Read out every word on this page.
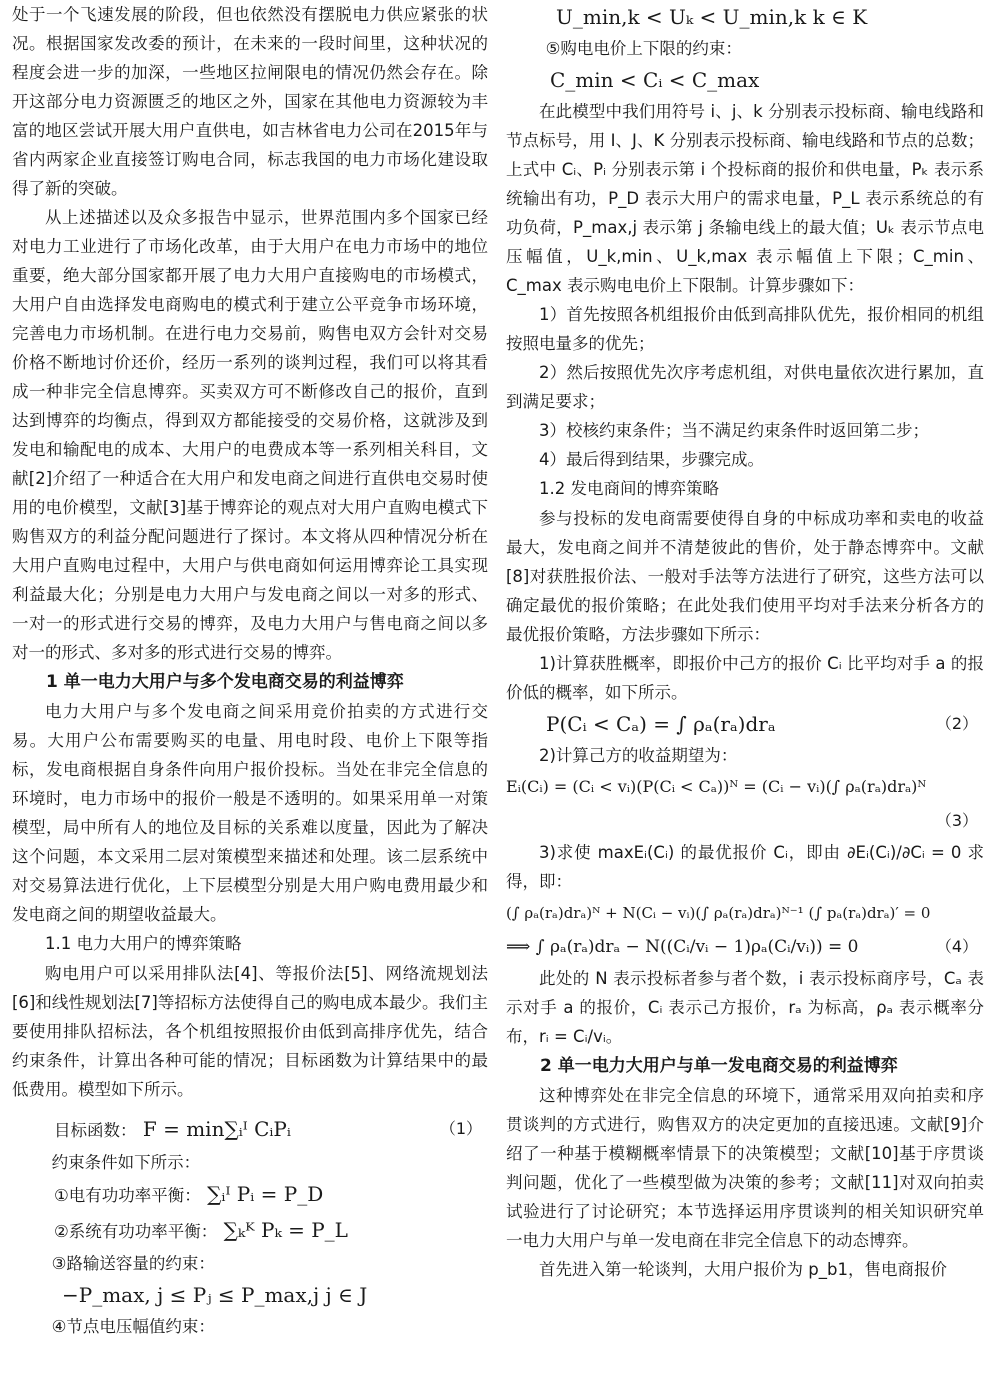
处于一个飞速发展的阶段，但也依然没有摆脱电力供应紧张的状况。根据国家发改委的预计，在未来的一段时间里，这种状况的程度会进一步的加深，一些地区拉闸限电的情况仍然会存在。除开这部分电力资源匮乏的地区之外，国家在其他电力资源较为丰富的地区尝试开展大用户直供电，如吉林省电力公司在2015年与省内两家企业直接签订购电合同，标志我国的电力市场化建设取得了新的突破。

从上述描述以及众多报告中显示，世界范围内多个国家已经对电力工业进行了市场化改革，由于大用户在电力市场中的地位重要，绝大部分国家都开展了电力大用户直接购电的市场模式，大用户自由选择发电商购电的模式利于建立公平竞争市场环境，完善电力市场机制。在进行电力交易前，购售电双方会针对交易价格不断地讨价还价，经历一系列的谈判过程，我们可以将其看成一种非完全信息博弈。买卖双方可不断修改自己的报价，直到达到博弈的均衡点，得到双方都能接受的交易价格，这就涉及到发电和输配电的成本、大用户的电费成本等一系列相关科目，文献[2]介绍了一种适合在大用户和发电商之间进行直供电交易时使用的电价模型，文献[3]基于博弈论的观点对大用户直购电模式下购售双方的利益分配问题进行了探讨。本文将从四种情况分析在大用户直购电过程中，大用户与供电商如何运用博弈论工具实现利益最大化；分别是电力大用户与发电商之间以一对多的形式、一对一的形式进行交易的博弈，及电力大用户与售电商之间以多对一的形式、多对多的形式进行交易的博弈。

1 单一电力大用户与多个发电商交易的利益博弈

电力大用户与多个发电商之间采用竞价拍卖的方式进行交易。大用户公布需要购买的电量、用电时段、电价上下限等指标，发电商根据自身条件向用户报价投标。当处在非完全信息的环境时，电力市场中的报价一般是不透明的。如果采用单一对策模型，局中所有人的地位及目标的关系难以度量，因此为了解决这个问题，本文采用二层对策模型来描述和处理。该二层系统中对交易算法进行优化，上下层模型分别是大用户购电费用最少和发电商之间的期望收益最大。

1.1 电力大用户的博弈策略

购电用户可以采用排队法[4]、等报价法[5]、网络流规划法[6]和线性规划法[7]等招标方法使得自己的购电成本最少。我们主要使用排队招标法，各个机组按照报价由低到高排序优先，结合约束条件，计算出各种可能的情况；目标函数为计算结果中的最低费用。模型如下所示。

目标函数： F = min∑ᵢᴵ CᵢPᵢ	（1）

约束条件如下所示：

①电有功功率平衡： ∑ᵢᴵ Pᵢ = P_D

②系统有功功率平衡： ∑ₖᴷ Pₖ = P_L

③路输送容量的约束：

−P_max, j ≤ Pⱼ ≤ P_max,j j ∈ J

④节点电压幅值约束：

U_min,k < Uₖ < U_min,k k ∈ K

⑤购电电价上下限的约束：

C_min < Cᵢ < C_max

在此模型中我们用符号 i、j、k 分别表示投标商、输电线路和节点标号，用 I、J、K 分别表示投标商、输电线路和节点的总数；上式中 Cᵢ、Pᵢ 分别表示第 i 个投标商的报价和供电量，Pₖ 表示系统输出有功，P_D 表示大用户的需求电量，P_L 表示系统总的有功负荷，P_max,j 表示第 j 条输电线上的最大值；Uₖ 表示节点电压幅值，U_k,min、U_k,max 表示幅值上下限；C_min、C_max 表示购电电价上下限制。计算步骤如下：

1）首先按照各机组报价由低到高排队优先，报价相同的机组按照电量多的优先；

2）然后按照优先次序考虑机组，对供电量依次进行累加，直到满足要求；

3）校核约束条件；当不满足约束条件时返回第二步；

4）最后得到结果，步骤完成。

1.2 发电商间的博弈策略

参与投标的发电商需要使得自身的中标成功率和卖电的收益最大，发电商之间并不清楚彼此的售价，处于静态博弈中。文献[8]对获胜报价法、一般对手法等方法进行了研究，这些方法可以确定最优的报价策略；在此处我们使用平均对手法来分析各方的最优报价策略，方法步骤如下所示：

1)计算获胜概率，即报价中己方的报价 Cᵢ 比平均对手 a 的报价低的概率，如下所示。

P(Cᵢ < Cₐ) = ∫ ρₐ(rₐ)drₐ	（2）

2)计算己方的收益期望为：

Eᵢ(Cᵢ) = (Cᵢ < vᵢ)(P(Cᵢ < Cₐ))ᴺ = (Cᵢ − vᵢ)(∫ ρₐ(rₐ)drₐ)ᴺ

（3）

3)求使 maxEᵢ(Cᵢ) 的最优报价 Cᵢ，即由 ∂Eᵢ(Cᵢ)/∂Cᵢ = 0 求得，即：

(∫ ρₐ(rₐ)drₐ)ᴺ + N(Cᵢ − vᵢ)(∫ ρₐ(rₐ)drₐ)ᴺ⁻¹ (∫ pₐ(rₐ)drₐ)′ = 0

⟹ ∫ ρₐ(rₐ)drₐ − N((Cᵢ/vᵢ − 1)ρₐ(Cᵢ/vᵢ)) = 0	（4）

此处的 N 表示投标者参与者个数，i 表示投标商序号，Cₐ 表示对手 a 的报价，Cᵢ 表示己方报价，rₐ 为标高，ρₐ 表示概率分布，rᵢ = Cᵢ/vᵢ。

2 单一电力大用户与单一发电商交易的利益博弈

这种博弈处在非完全信息的环境下，通常采用双向拍卖和序贯谈判的方式进行，购售双方的决定更加的直接迅速。文献[9]介绍了一种基于模糊概率情景下的决策模型；文献[10]基于序贯谈判问题，优化了一些模型做为决策的参考；文献[11]对双向拍卖试验进行了讨论研究；本节选择运用序贯谈判的相关知识研究单一电力大用户与单一发电商在非完全信息下的动态博弈。

首先进入第一轮谈判，大用户报价为 p_b1，售电商报价
